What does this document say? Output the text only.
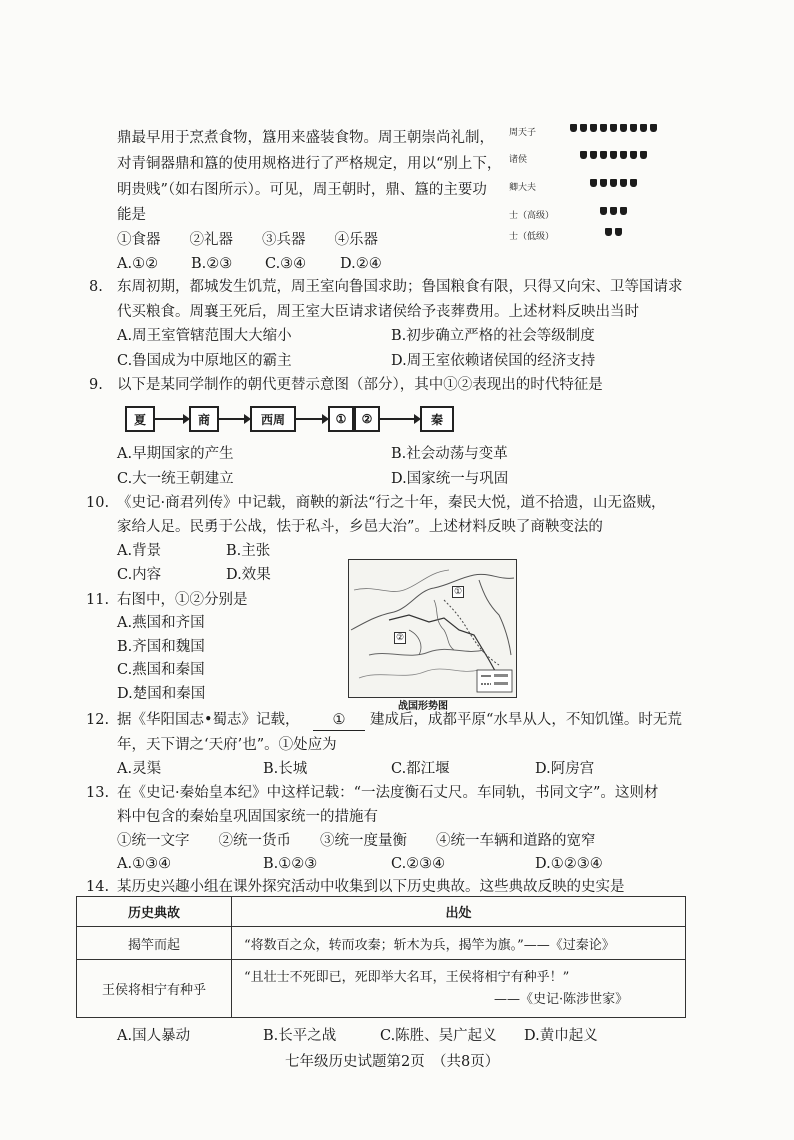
鼎最早用于烹煮食物，簋用来盛装食物。周王朝崇尚礼制，
对青铜器鼎和簋的使用规格进行了严格规定，用以“别上下，
明贵贱”（如右图所示）。可见，周王朝时，鼎、簋的主要功
能是
①食器　　②礼器　　③兵器　　④乐器
A.①② B.②③ C.③④ D.②④
周天子
诸侯
卿大夫
士（高级）
士（低级）
8. 东周初期，都城发生饥荒，周王室向鲁国求助；鲁国粮食有限，只得又向宋、卫等国请求
代买粮食。周襄王死后，周王室大臣请求诸侯给予丧葬费用。上述材料反映出当时
A.周王室管辖范围大大缩小	B.初步确立严格的社会等级制度
C.鲁国成为中原地区的霸主	D.周王室依赖诸侯国的经济支持
9. 以下是某同学制作的朝代更替示意图（部分），其中①②表现出的时代特征是
夏	商	西周	①	②	秦
A.早期国家的产生	B.社会动荡与变革
C.大一统王朝建立	D.国家统一与巩固
10. 《史记·商君列传》中记载，商鞅的新法“行之十年，秦民大悦，道不拾遗，山无盗贼，
家给人足。民勇于公战，怯于私斗，乡邑大治”。上述材料反映了商鞅变法的
A.背景	B.主张
C.内容	D.效果
11. 右图中，①②分别是
A.燕国和齐国
B.齐国和魏国
C.燕国和秦国
D.楚国和秦国
①
②
战国形势图
12. 据《华阳国志•蜀志》记载，	①	建成后，成都平原“水旱从人，不知饥馑。时无荒
年，天下谓之‘天府’也”。①处应为
A.灵渠	B.长城	C.都江堰	D.阿房宫
13. 在《史记·秦始皇本纪》中这样记载：“一法度衡石丈尺。车同轨，书同文字”。这则材
料中包含的秦始皇巩固国家统一的措施有
①统一文字　　②统一货币　　③统一度量衡　　④统一车辆和道路的宽窄
A.①③④	B.①②③	C.②③④	D.①②③④
14. 某历史兴趣小组在课外探究活动中收集到以下历史典故。这些典故反映的史实是
历史典故	出处
揭竿而起	“将数百之众，转而攻秦；斩木为兵，揭竿为旗。”——《过秦论》
王侯将相宁有种乎	“且壮士不死即已，死即举大名耳，王侯将相宁有种乎！”
——《史记·陈涉世家》
A.国人暴动	B.长平之战	C.陈胜、吴广起义 D.黄巾起义
七年级历史试题第2页　（共8页）
